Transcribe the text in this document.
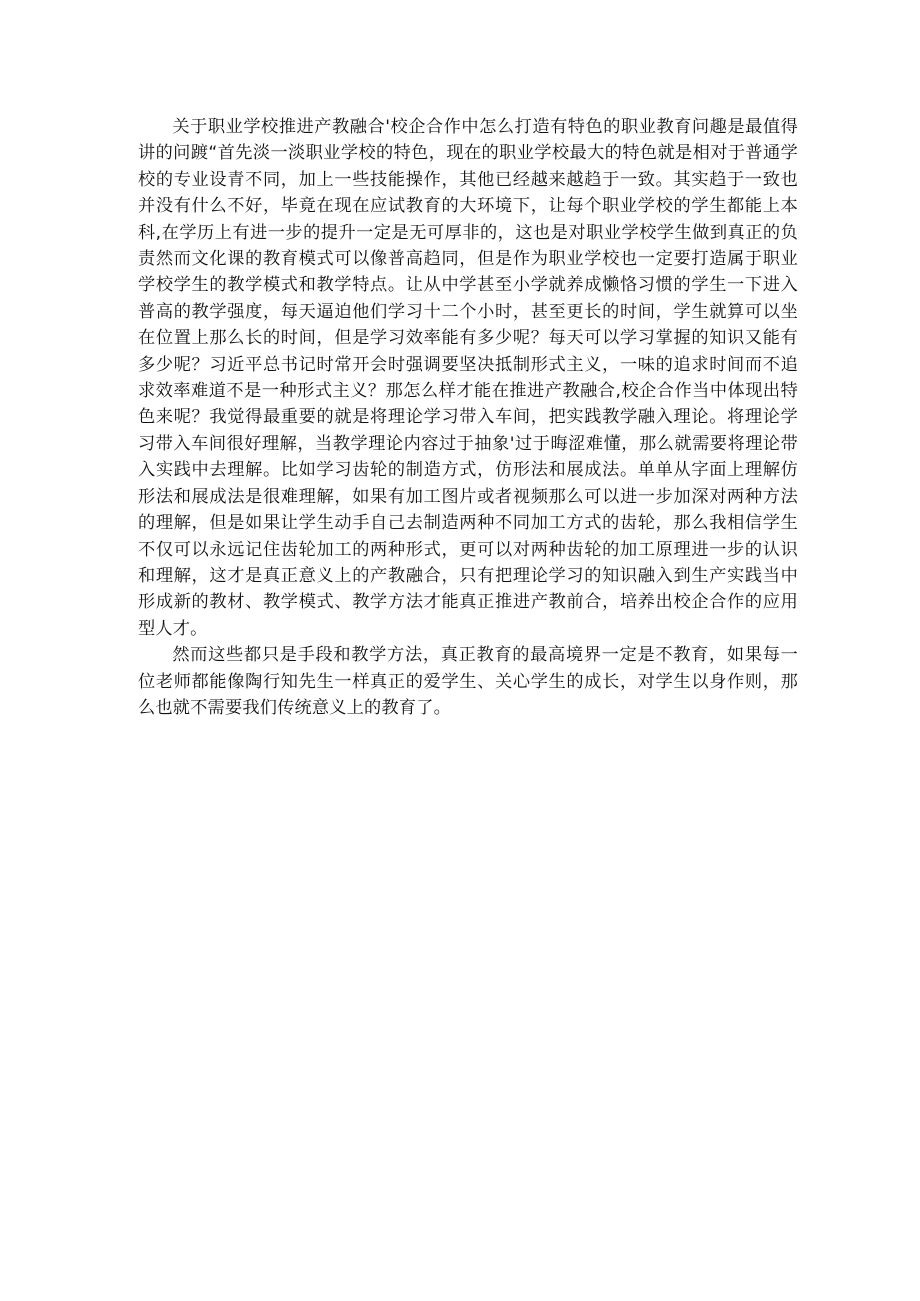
关于职业学校推进产教融合'校企合作中怎么打造有特色的职业教育问趣是最值得讲的问踱“首先淡一淡职业学校的特色，现在的职业学校最大的特色就是相对于普通学校的专业设青不同，加上一些技能操作，其他已经越来越趋于一致。其实趋于一致也并没有什么不好，毕竟在现在应试教育的大环境下，让每个职业学校的学生都能上本科,在学历上有进一步的提升一定是无可厚非的，这也是对职业学校学生做到真正的负责然而文化课的教育模式可以像普高趋同，但是作为职业学校也一定要打造属于职业学校学生的教学模式和教学特点。让从中学甚至小学就养成懒恪习惯的学生一下进入普高的教学强度，每天逼迫他们学习十二个小时，甚至更长的时间，学生就算可以坐在位置上那么长的时间，但是学习效率能有多少呢？每天可以学习掌握的知识又能有多少呢？习近平总书记时常开会时强调要坚决抵制形式主义，一味的追求时间而不追求效率难道不是一种形式主义？那怎么样才能在推进产教融合,校企合作当中体现出特色来呢？我觉得最重要的就是将理论学习带入车间，把实践教学融入理论。将理论学习带入车间很好理解，当教学理论内容过于抽象'过于晦涩难懂，那么就需要将理论带入实践中去理解。比如学习齿轮的制造方式，仿形法和展成法。单单从字面上理解仿形法和展成法是很难理解，如果有加工图片或者视频那么可以进一步加深对两种方法的理解，但是如果让学生动手自己去制造两种不同加工方式的齿轮，那么我相信学生不仅可以永远记住齿轮加工的两种形式，更可以对两种齿轮的加工原理进一步的认识和理解，这才是真正意义上的产教融合，只有把理论学习的知识融入到生产实践当中形成新的教材、教学模式、教学方法才能真正推进产教前合，培养出校企合作的应用型人才。

然而这些都只是手段和教学方法，真正教育的最高境界一定是不教育，如果每一位老师都能像陶行知先生一样真正的爱学生、关心学生的成长，对学生以身作则，那么也就不需要我们传统意义上的教育了。
